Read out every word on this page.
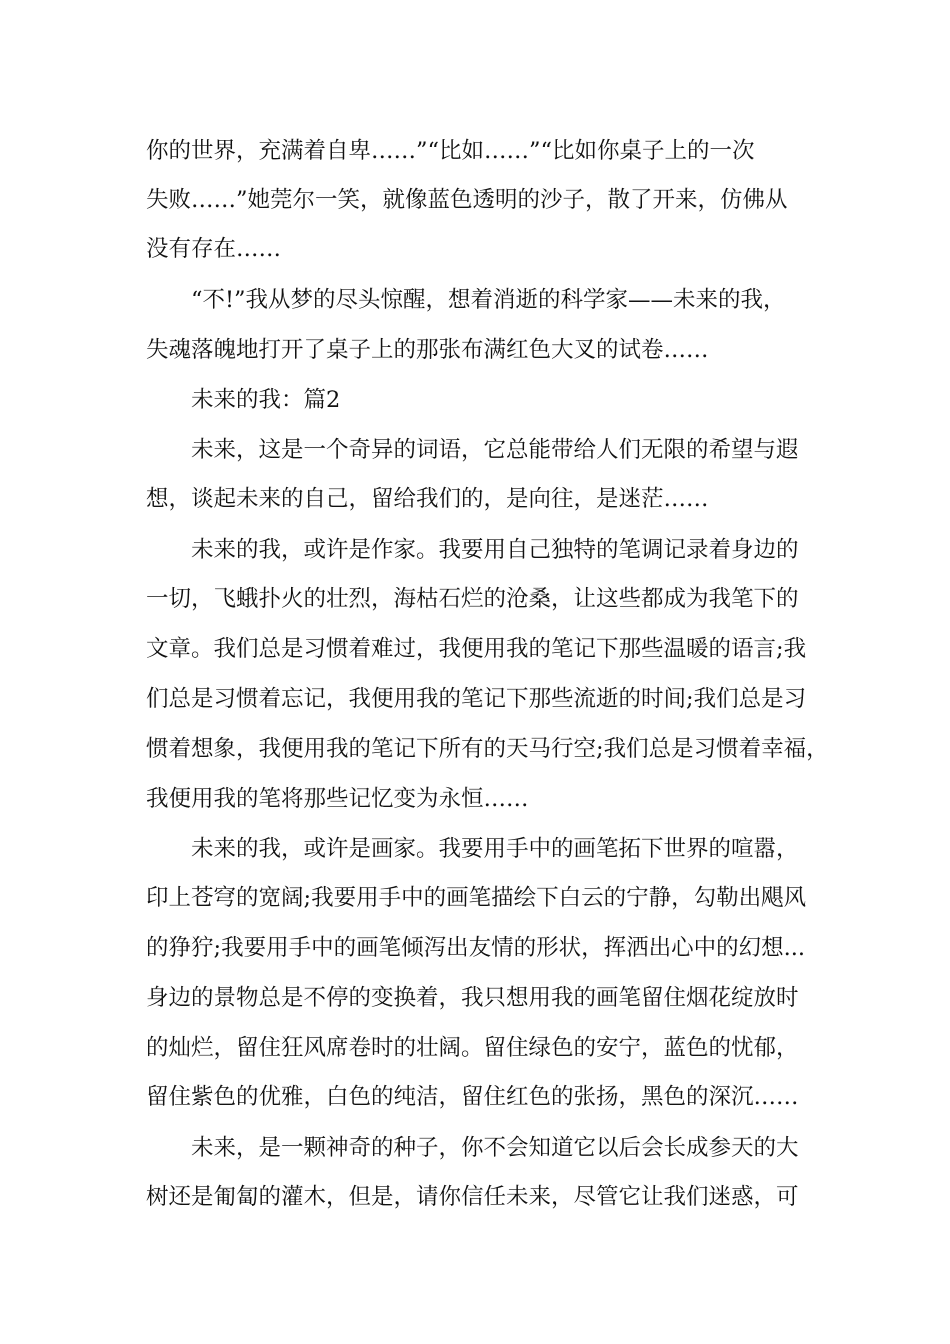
你的世界，充满着自卑……”“比如……”“比如你桌子上的一次
失败……”她莞尔一笑，就像蓝色透明的沙子，散了开来，仿佛从
没有存在……
“不!”我从梦的尽头惊醒，想着消逝的科学家——未来的我，
失魂落魄地打开了桌子上的那张布满红色大叉的试卷……
未来的我：篇2
未来，这是一个奇异的词语，它总能带给人们无限的希望与遐
想，谈起未来的自己，留给我们的，是向往，是迷茫……
未来的我，或许是作家。我要用自己独特的笔调记录着身边的
一切，飞蛾扑火的壮烈，海枯石烂的沧桑，让这些都成为我笔下的
文章。我们总是习惯着难过，我便用我的笔记下那些温暖的语言;我
们总是习惯着忘记，我便用我的笔记下那些流逝的时间;我们总是习
惯着想象，我便用我的笔记下所有的天马行空;我们总是习惯着幸福，
我便用我的笔将那些记忆变为永恒……
未来的我，或许是画家。我要用手中的画笔拓下世界的喧嚣，
印上苍穹的宽阔;我要用手中的画笔描绘下白云的宁静，勾勒出飓风
的狰狞;我要用手中的画笔倾泻出友情的形状，挥洒出心中的幻想...
身边的景物总是不停的变换着，我只想用我的画笔留住烟花绽放时
的灿烂，留住狂风席卷时的壮阔。留住绿色的安宁，蓝色的忧郁，
留住紫色的优雅，白色的纯洁，留住红色的张扬，黑色的深沉……
未来，是一颗神奇的种子，你不会知道它以后会长成参天的大
树还是匍匐的灌木，但是，请你信任未来，尽管它让我们迷惑，可
